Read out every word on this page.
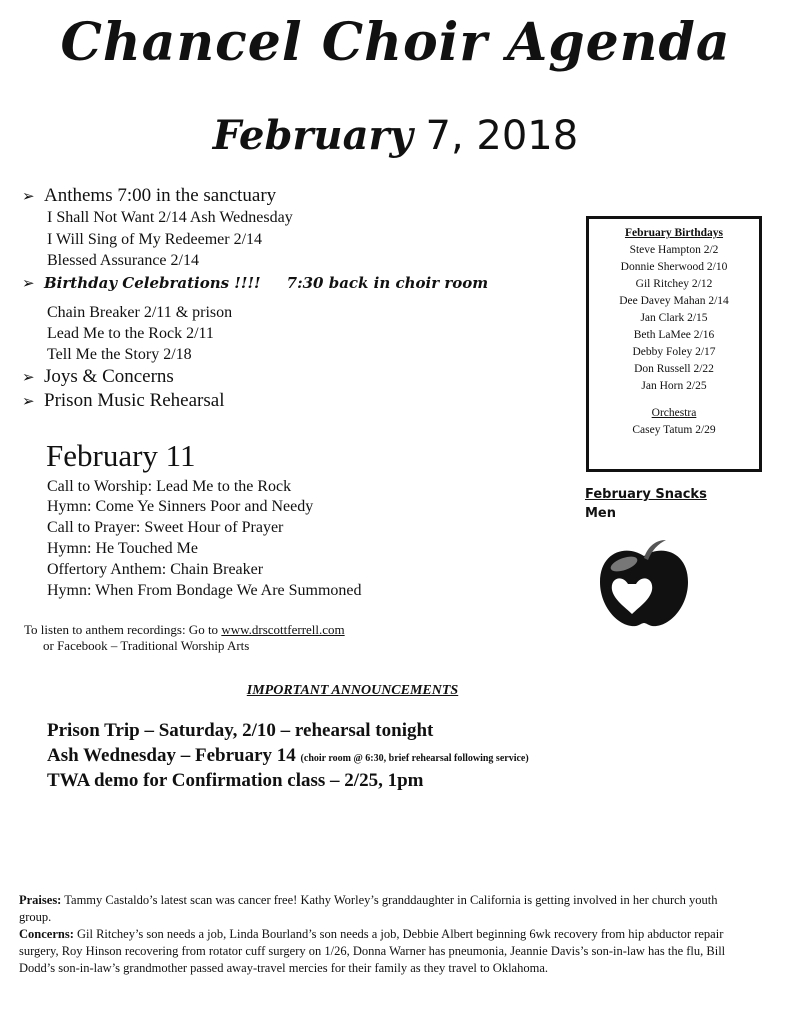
Chancel Choir Agenda
February 7, 2018
➢ Anthems 7:00 in the sanctuary
I Shall Not Want 2/14 Ash Wednesday
I Will Sing of My Redeemer 2/14
Blessed Assurance 2/14
➢ Birthday Celebrations !!!! 7:30 back in choir room
Chain Breaker 2/11 & prison
Lead Me to the Rock 2/11
Tell Me the Story 2/18
➢ Joys & Concerns
➢ Prison Music Rehearsal
February Birthdays
Steve Hampton 2/2
Donnie Sherwood 2/10
Gil Ritchey 2/12
Dee Davey Mahan 2/14
Jan Clark 2/15
Beth LaMee 2/16
Debby Foley 2/17
Don Russell 2/22
Jan Horn 2/25
Orchestra
Casey Tatum 2/29
February Snacks
Men
February 11
Call to Worship: Lead Me to the Rock
Hymn: Come Ye Sinners Poor and Needy
Call to Prayer: Sweet Hour of Prayer
Hymn: He Touched Me
Offertory Anthem: Chain Breaker
Hymn: When From Bondage We Are Summoned
To listen to anthem recordings: Go to www.drscottferrell.com
or Facebook – Traditional Worship Arts
IMPORTANT ANNOUNCEMENTS
Prison Trip – Saturday, 2/10 – rehearsal tonight
Ash Wednesday – February 14 (choir room @ 6:30, brief rehearsal following service)
TWA demo for Confirmation class – 2/25, 1pm
Praises: Tammy Castaldo’s latest scan was cancer free! Kathy Worley’s granddaughter in California is getting involved in her church youth group.
Concerns: Gil Ritchey’s son needs a job, Linda Bourland’s son needs a job, Debbie Albert beginning 6wk recovery from hip abductor repair surgery, Roy Hinson recovering from rotator cuff surgery on 1/26, Donna Warner has pneumonia, Jeannie Davis’s son-in-law has the flu, Bill Dodd’s son-in-law’s grandmother passed away-travel mercies for their family as they travel to Oklahoma.
